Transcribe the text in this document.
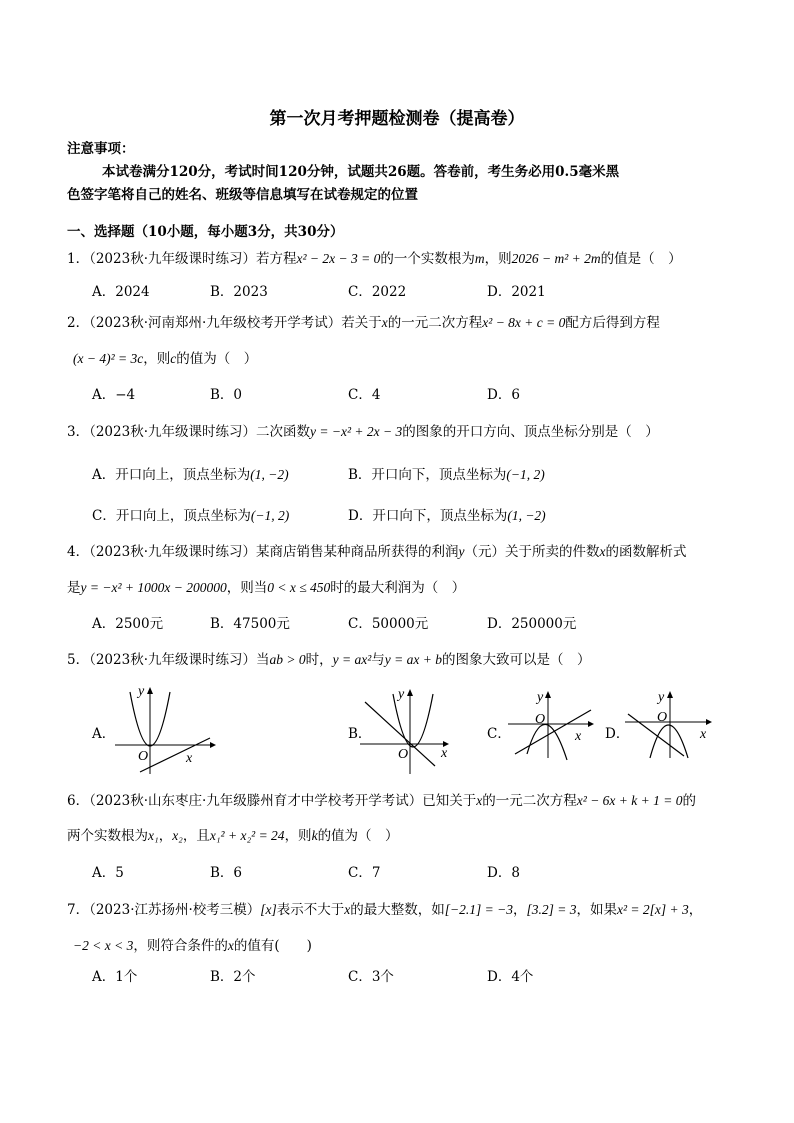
第一次月考押题检测卷（提高卷）
注意事项：
本试卷满分120分，考试时间120分钟，试题共26题。答卷前，考生务必用0.5毫米黑
色签字笔将自己的姓名、班级等信息填写在试卷规定的位置
一、选择题（10小题，每小题3分，共30分）
1．（2023秋·九年级课时练习）若方程x² − 2x − 3 = 0的一个实数根为m，则2026 − m² + 2m的值是（　）
A．2024	B．2023	C．2022	D．2021
2．（2023秋·河南郑州·九年级校考开学考试）若关于x的一元二次方程x² − 8x + c = 0配方后得到方程
(x − 4)² = 3c，则c的值为（　）
A．−4	B．0	C．4	D．6
3．（2023秋·九年级课时练习）二次函数y = −x² + 2x − 3的图象的开口方向、顶点坐标分别是（　）
A．开口向上，顶点坐标为(1, −2)	B．开口向下，顶点坐标为(−1, 2)
C．开口向上，顶点坐标为(−1, 2)	D．开口向下，顶点坐标为(1, −2)
4．（2023秋·九年级课时练习）某商店销售某种商品所获得的利润y（元）关于所卖的件数x的函数解析式
是y = −x² + 1000x − 200000，则当0 < x ≤ 450时的最大利润为（　）
A．2500元	B．47500元	C．50000元	D．250000元
5．（2023秋·九年级课时练习）当ab > 0时，y = ax²与y = ax + b的图象大致可以是（　）
A．
y
x
O
B．
y
x
O
C．
y
x
O
D．
y
x
O
6．（2023秋·山东枣庄·九年级滕州育才中学校考开学考试）已知关于x的一元二次方程x² − 6x + k + 1 = 0的
两个实数根为x₁，x₂，且x₁² + x₂² = 24，则k的值为（　）
A．5	B．6	C．7	D．8
7．（2023·江苏扬州·校考三模）[x]表示不大于x的最大整数，如[−2.1] = −3，[3.2] = 3，如果x² = 2[x] + 3，
−2 < x < 3，则符合条件的x的值有(　　)
A．1个	B．2个	C．3个	D．4个
